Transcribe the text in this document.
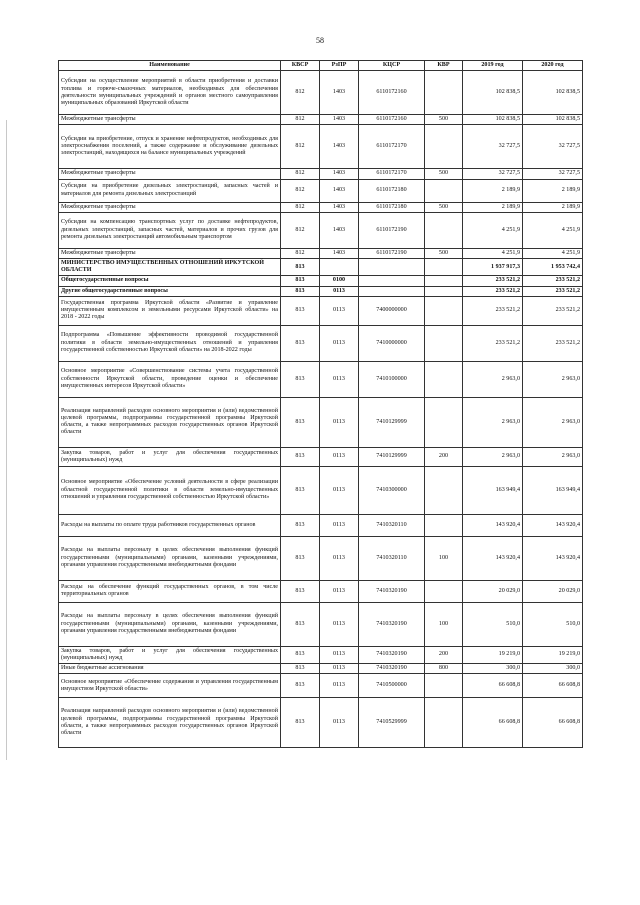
58
Наименование	КВСР	РзПР	КЦСР	КВР	2019 год	2020 год
Субсидии на осуществление мероприятий в области приобретения и доставки топлива и горюче-смазочных материалов, необходимых для обеспечения деятельности муниципальных учреждений и органов местного самоуправления муниципальных образований Иркутской области	812	1403	6110172160		102 838,5	102 838,5
Межбюджетные трансферты	812	1403	6110172160	500	102 838,5	102 838,5
Субсидии на приобретение, отпуск и хранение нефтепродуктов, необходимых для электроснабжения поселений, а также содержание и обслуживание дизельных электростанций, находящихся на балансе муниципальных учреждений	812	1403	6110172170		32 727,5	32 727,5
Межбюджетные трансферты	812	1403	6110172170	500	32 727,5	32 727,5
Субсидии на приобретение дизельных электростанций, запасных частей и материалов для ремонта дизельных электростанций	812	1403	6110172180		2 189,9	2 189,9
Межбюджетные трансферты	812	1403	6110172180	500	2 189,9	2 189,9
Субсидии на компенсацию транспортных услуг по доставке нефтепродуктов, дизельных электростанций, запасных частей, материалов и прочих грузов для ремонта дизельных электростанций автомобильным транспортом	812	1403	6110172190		4 251,9	4 251,9
Межбюджетные трансферты	812	1403	6110172190	500	4 251,9	4 251,9
МИНИСТЕРСТВО ИМУЩЕСТВЕННЫХ ОТНОШЕНИЙ ИРКУТСКОЙ ОБЛАСТИ	813				1 937 917,3	1 953 742,4
Общегосударственные вопросы	813	0100			233 521,2	233 521,2
Другие общегосударственные вопросы	813	0113			233 521,2	233 521,2
Государственная программа Иркутской области «Развитие и управление имущественным комплексом и земельными ресурсами Иркутской области» на 2018 - 2022 годы	813	0113	7400000000		233 521,2	233 521,2
Подпрограмма «Повышение эффективности проводимой государственной политики в области земельно-имущественных отношений и управления государственной собственностью Иркутской области» на 2018-2022 годы	813	0113	7410000000		233 521,2	233 521,2
Основное мероприятие «Совершенствование системы учета государственной собственности Иркутской области, проведение оценки и обеспечение имущественных интересов Иркутской области»	813	0113	7410100000		2 963,0	2 963,0
Реализация направлений расходов основного мероприятия и (или) ведомственной целевой программы, подпрограммы государственной программы Иркутской области, а также непрограммных расходов государственных органов Иркутской области	813	0113	7410129999		2 963,0	2 963,0
Закупка товаров, работ и услуг для обеспечения государственных (муниципальных) нужд	813	0113	7410129999	200	2 963,0	2 963,0
Основное мероприятие «Обеспечение условий деятельности в сфере реализации областной государственной политики в области земельно-имущественных отношений и управления государственной собственностью Иркутской области»	813	0113	7410300000		163 949,4	163 949,4
Расходы на выплаты по оплате труда работников государственных органов	813	0113	7410320110		143 920,4	143 920,4
Расходы на выплаты персоналу в целях обеспечения выполнения функций государственными (муниципальными) органами, казенными учреждениями, органами управления государственными внебюджетными фондами	813	0113	7410320110	100	143 920,4	143 920,4
Расходы на обеспечение функций государственных органов, в том числе территориальных органов	813	0113	7410320190		20 029,0	20 029,0
Расходы на выплаты персоналу в целях обеспечения выполнения функций государственными (муниципальными) органами, казенными учреждениями, органами управления государственными внебюджетными фондами	813	0113	7410320190	100	510,0	510,0
Закупка товаров, работ и услуг для обеспечения государственных (муниципальных) нужд	813	0113	7410320190	200	19 219,0	19 219,0
Иные бюджетные ассигнования	813	0113	7410320190	800	300,0	300,0
Основное мероприятие «Обеспечение содержания и управления государственным имуществом Иркутской области»	813	0113	7410500000		66 608,8	66 608,8
Реализация направлений расходов основного мероприятия и (или) ведомственной целевой программы, подпрограммы государственной программы Иркутской области, а также непрограммных расходов государственных органов Иркутской области	813	0113	7410529999		66 608,8	66 608,8
